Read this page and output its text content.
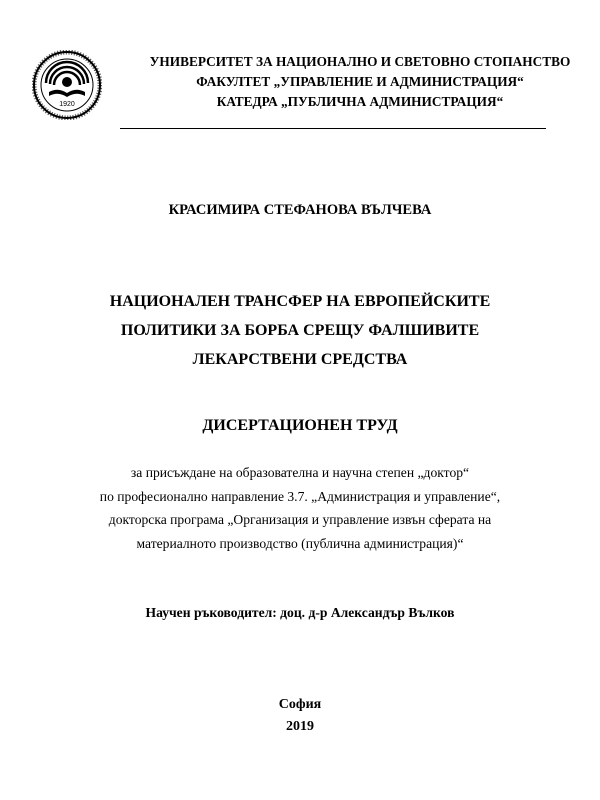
1920
УНИВЕРСИТЕТ ЗА НАЦИОНАЛНО И СВЕТОВНО СТОПАНСТВО
ФАКУЛТЕТ „УПРАВЛЕНИЕ И АДМИНИСТРАЦИЯ“
КАТЕДРА „ПУБЛИЧНА АДМИНИСТРАЦИЯ“
КРАСИМИРА СТЕФАНОВА ВЪЛЧЕВА
НАЦИОНАЛЕН ТРАНСФЕР НА ЕВРОПЕЙСКИТЕ
ПОЛИТИКИ ЗА БОРБА СРЕЩУ ФАЛШИВИТЕ
ЛЕКАРСТВЕНИ СРЕДСТВА
ДИСЕРТАЦИОНЕН ТРУД
за присъждане на образователна и научна степен „доктор“
по професионално направление 3.7. „Администрация и управление“,
докторска програма „Организация и управление извън сферата на
материалното производство (публична администрация)“
Научен ръководител: доц. д-р Александър Вълков
София
2019
